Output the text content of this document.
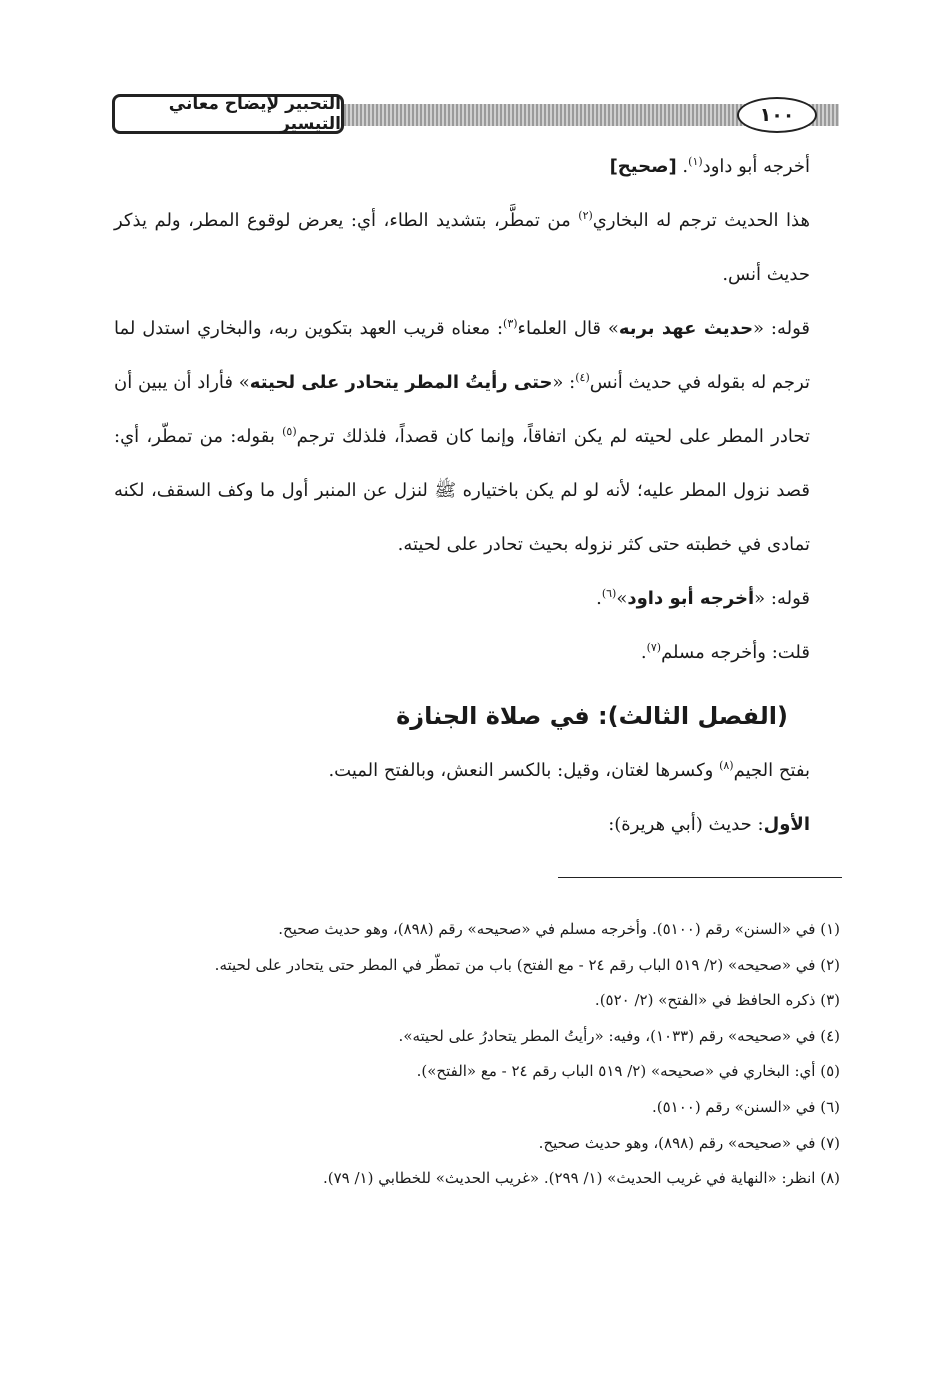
التحبير لإيضاح معاني التيسير	١٠٠

أخرجه أبو داود$^{(١)}$. [صحيح]

هذا الحديث ترجم له البخاري$^{(٢)}$ من تمطَّر، بتشديد الطاء، أي: يعرض لوقوع المطر، ولم يذكر حديث أنس.

قوله: «حديث عهد بربه» قال العلماء$^{(٣)}$: معناه قريب العهد بتكوين ربه، والبخاري استدل لما ترجم له بقوله في حديث أنس$^{(٤)}$: «حتى رأيتُ المطر يتحادر على لحيته» فأراد أن يبين أن تحادر المطر على لحيته لم يكن اتفاقاً، وإنما كان قصداً، فلذلك ترجم$^{(٥)}$ بقوله: من تمطّر، أي: قصد نزول المطر عليه؛ لأنه لو لم يكن باختياره ﷺ لنزل عن المنبر أول ما وكف السقف، لكنه تمادى في خطبته حتى كثر نزوله بحيث تحادر على لحيته.

قوله: «أخرجه أبو داود»$^{(٦)}$.

قلت: وأخرجه مسلم$^{(٧)}$.

(الفصل الثالث): في صلاة الجنازة

بفتح الجيم$^{(٨)}$ وكسرها لغتان، وقيل: بالكسر النعش، وبالفتح الميت.

الأول: حديث (أبي هريرة):

(١) في «السنن» رقم (٥١٠٠). وأخرجه مسلم في «صحيحه» رقم (٨٩٨)، وهو حديث صحيح.
(٢) في «صحيحه» (٢/ ٥١٩ الباب رقم ٢٤ - مع الفتح) باب من تمطّر في المطر حتى يتحادر على لحيته.
(٣) ذكره الحافظ في «الفتح» (٢/ ٥٢٠).
(٤) في «صحيحه» رقم (١٠٣٣)، وفيه: «رأيتُ المطر يتحادرُ على لحيته».
(٥) أي: البخاري في «صحيحه» (٢/ ٥١٩ الباب رقم ٢٤ - مع «الفتح»).
(٦) في «السنن» رقم (٥١٠٠).
(٧) في «صحيحه» رقم (٨٩٨)، وهو حديث صحيح.
(٨) انظر: «النهاية في غريب الحديث» (١/ ٢٩٩). «غريب الحديث» للخطابي (١/ ٧٩).
